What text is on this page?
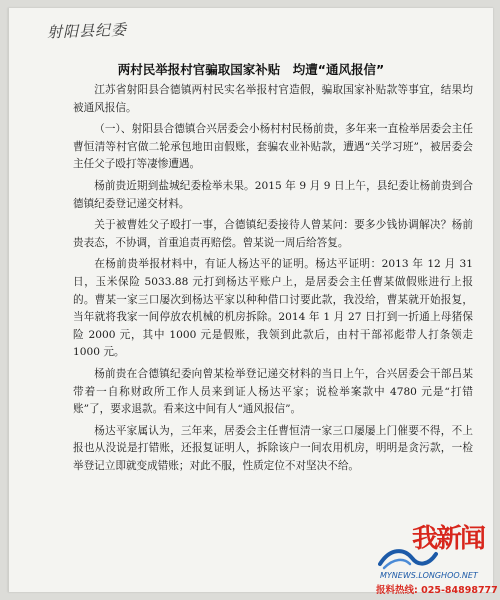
射阳县纪委
两村民举报村官骗取国家补贴　均遭“通风报信”

江苏省射阳县合德镇两村民实名举报村官造假，骗取国家补贴款等事宜，结果均被通风报信。

（一）、射阳县合德镇合兴居委会小杨村村民杨前贵，多年来一直检举居委会主任曹恒清等村官做二轮承包地田亩假账，套骗农业补贴款，遭遇“关学习班”，被居委会主任父子殴打等凄惨遭遇。

杨前贵近期到盐城纪委检举未果。2015 年 9 月 9 日上午，县纪委让杨前贵到合德镇纪委登记递交材料。

关于被曹姓父子殴打一事，合德镇纪委接待人曾某问：要多少钱协调解决？杨前贵表态，不协调，首重追责再赔偿。曾某说一周后给答复。

在杨前贵举报材料中，有证人杨达平的证明。杨达平证明：2013 年 12 月 31 日，玉米保险 5033.88 元打到杨达平账户上，是居委会主任曹某做假账进行上报的。曹某一家三口屡次到杨达平家以种种借口讨要此款，我没给，曹某就开始报复，当年就将我家一间停放农机械的机房拆除。2014 年 1 月 27 日打到一折通上母猪保险 2000 元，其中 1000 元是假账，我领到此款后，由村干部祁彪带人打条领走 1000 元。

杨前贵在合德镇纪委向曾某检举登记递交材料的当日上午，合兴居委会干部吕某带着一自称财政所工作人员来到证人杨达平家；说检举案款中 4780 元是“打错账”了，要求退款。看来这中间有人“通风报信”。

杨达平家属认为，三年来，居委会主任曹恒清一家三口屡屡上门催要不得，不上报也从没说是打错账，还报复证明人，拆除该户一间农用机房，明明是贪污款，一检举登记立即就变成错账；对此不服，性质定位不对坚决不给。

我新闻
MYNEWS.LONGHOO.NET
报料热线: 025-84898777
